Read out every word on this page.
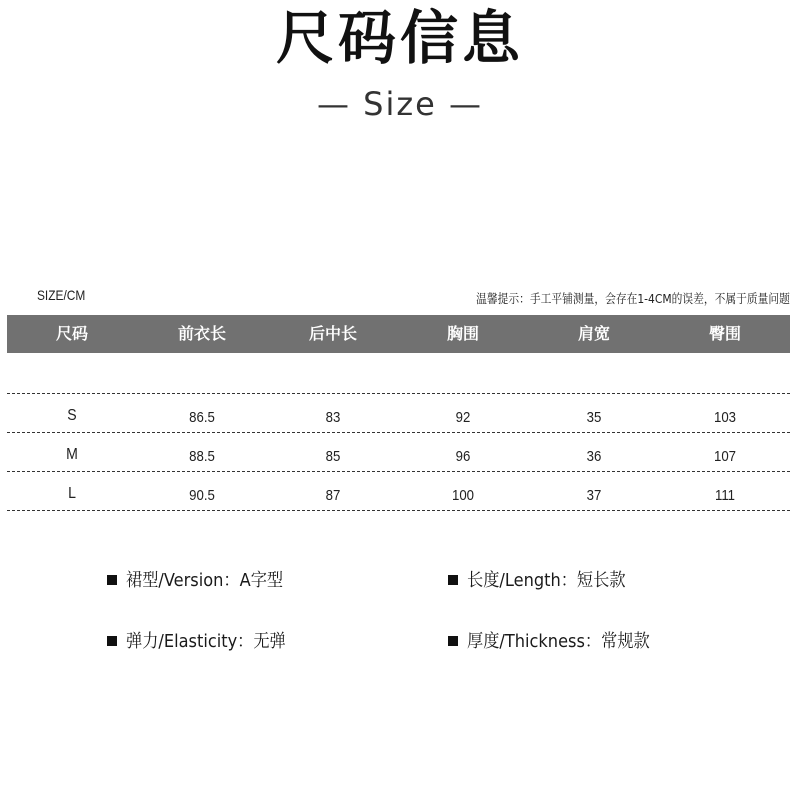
尺码信息
— Size —
SIZE/CM	温馨提示：手工平铺测量，会存在1-4CM的误差，不属于质量问题
尺码	前衣长	后中长	胸围	肩宽	臀围
S	86.5	83	92	35	103
M	88.5	85	96	36	107
L	90.5	87	100	37	111
裙型/Version：A字型	长度/Length：短长款
弹力/Elasticity：无弹	厚度/Thickness：常规款
